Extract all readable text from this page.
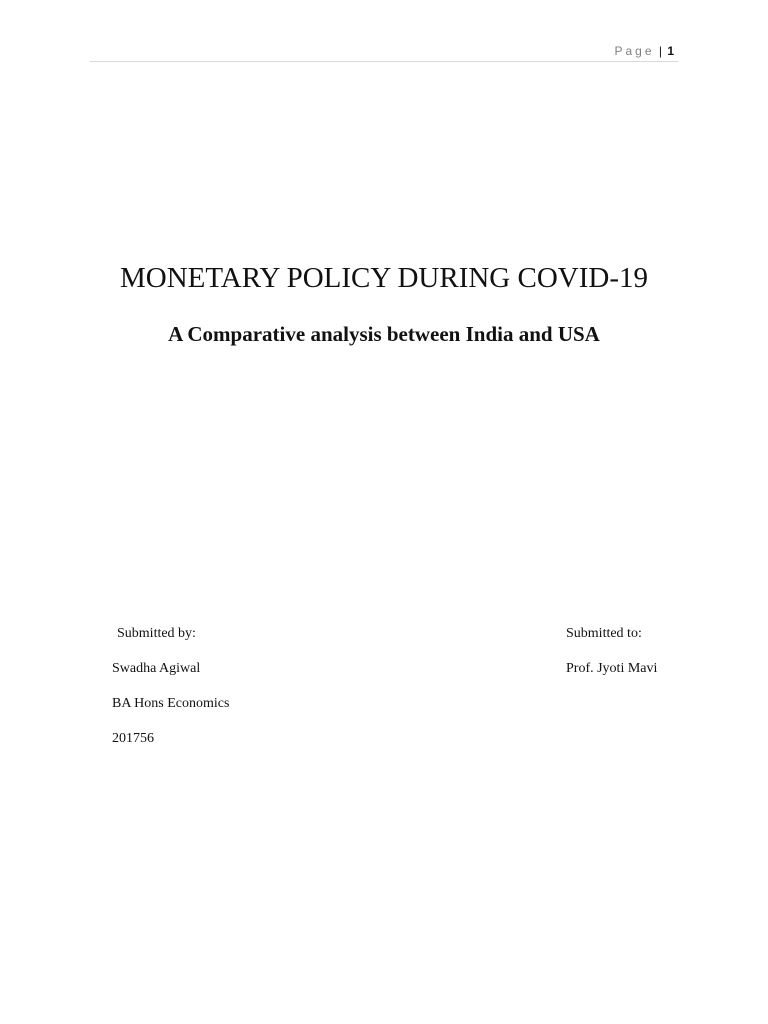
Page | 1
MONETARY POLICY DURING COVID-19
A Comparative analysis between India and USA
Submitted by:
Swadha Agiwal
BA Hons Economics
201756
Submitted to:
Prof. Jyoti Mavi
